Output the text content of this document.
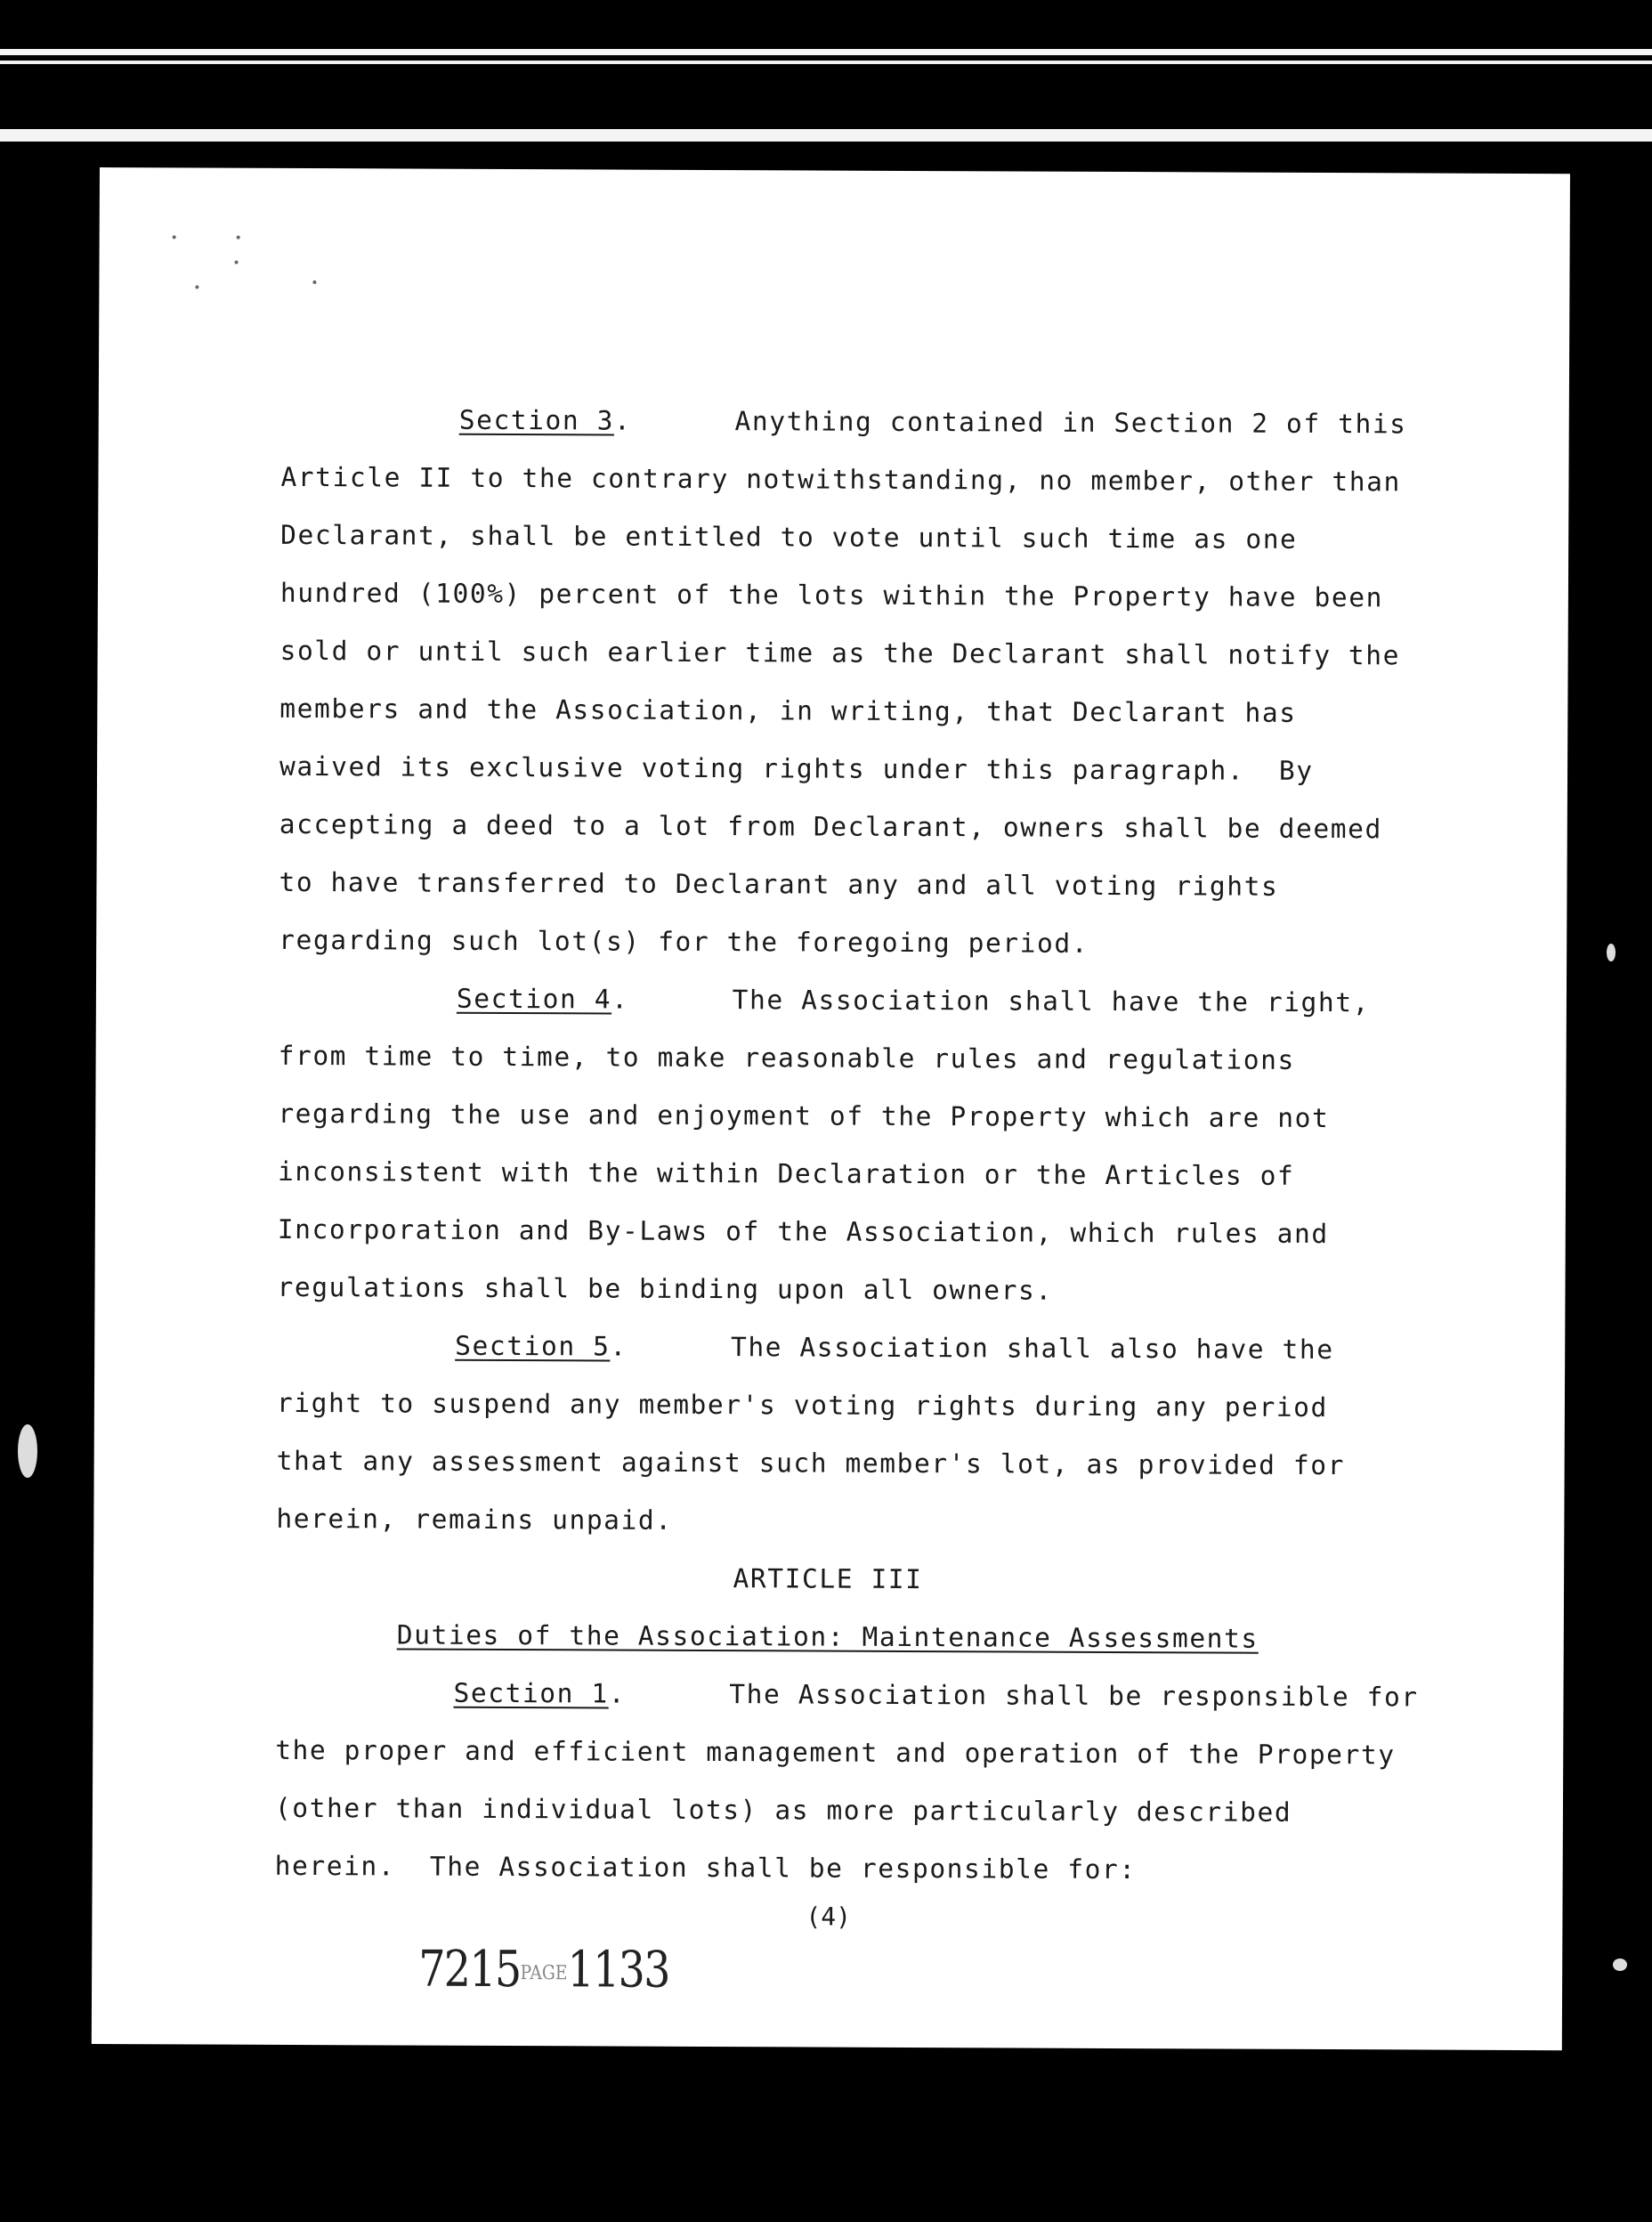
Section 3.      Anything contained in Section 2 of this
Article II to the contrary notwithstanding, no member, other than
Declarant, shall be entitled to vote until such time as one
hundred (100%) percent of the lots within the Property have been
sold or until such earlier time as the Declarant shall notify the
members and the Association, in writing, that Declarant has
waived its exclusive voting rights under this paragraph.  By
accepting a deed to a lot from Declarant, owners shall be deemed
to have transferred to Declarant any and all voting rights
regarding such lot(s) for the foregoing period.
Section 4.      The Association shall have the right,
from time to time, to make reasonable rules and regulations
regarding the use and enjoyment of the Property which are not
inconsistent with the within Declaration or the Articles of
Incorporation and By-Laws of the Association, which rules and
regulations shall be binding upon all owners.
Section 5.      The Association shall also have the
right to suspend any member's voting rights during any period
that any assessment against such member's lot, as provided for
herein, remains unpaid.
ARTICLE III
Duties of the Association: Maintenance Assessments
Section 1.      The Association shall be responsible for
the proper and efficient management and operation of the Property
(other than individual lots) as more particularly described
herein.  The Association shall be responsible for:
(4)
7215PAGE1133
